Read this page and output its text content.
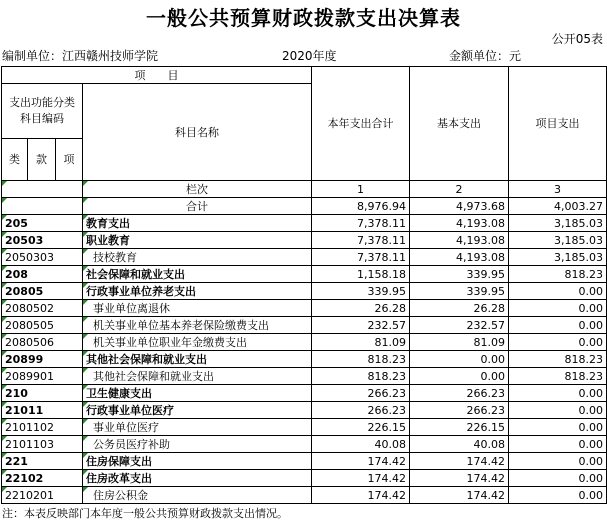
一般公共预算财政拨款支出决算表
公开05表
编制单位：江西赣州技师学院	2020年度	金额单位：元
项　　目				本年支出合计	基本支出	项目支出
支出功能分类科目编码			科目名称			

类	款	项				
			栏次	1	2	3
			合计	8,976.94	4,973.68	4,003.27
205			教育支出	7,378.11	4,193.08	3,185.03
20503			职业教育	7,378.11	4,193.08	3,185.03
2050303			技校教育	7,378.11	4,193.08	3,185.03
208			社会保障和就业支出	1,158.18	339.95	818.23
20805			行政事业单位养老支出	339.95	339.95	0.00
2080502			事业单位离退休	26.28	26.28	0.00
2080505			机关事业单位基本养老保险缴费支出	232.57	232.57	0.00
2080506			机关事业单位职业年金缴费支出	81.09	81.09	0.00
20899			其他社会保障和就业支出	818.23	0.00	818.23
2089901			其他社会保障和就业支出	818.23	0.00	818.23
210			卫生健康支出	266.23	266.23	0.00
21011			行政事业单位医疗	266.23	266.23	0.00
2101102			事业单位医疗	226.15	226.15	0.00
2101103			公务员医疗补助	40.08	40.08	0.00
221			住房保障支出	174.42	174.42	0.00
22102			住房改革支出	174.42	174.42	0.00
2210201			住房公积金	174.42	174.42	0.00
注：本表反映部门本年度一般公共预算财政拨款支出情况。
